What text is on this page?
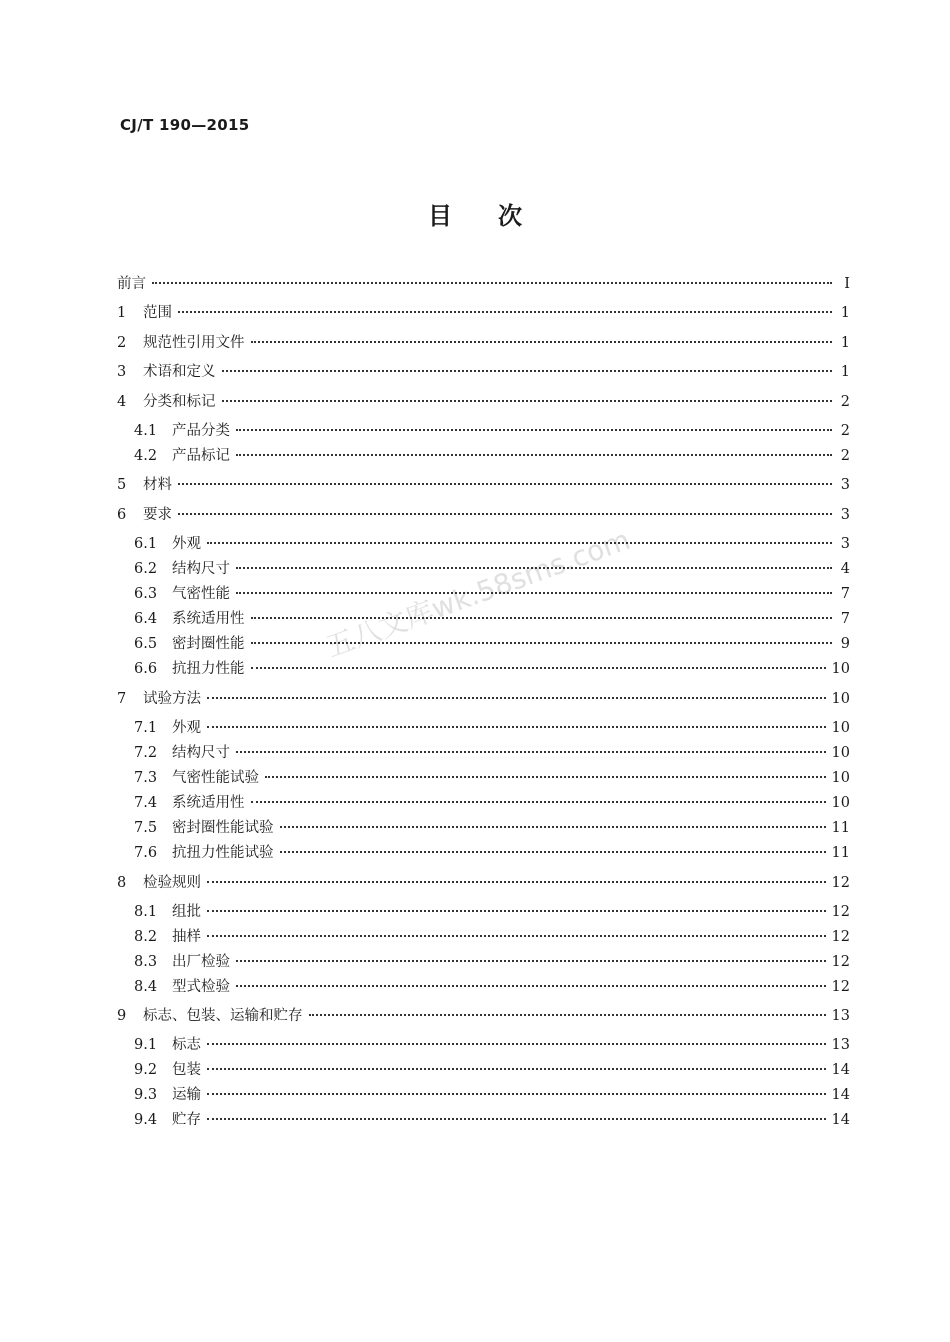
CJ/T 190—2015
目次
五八文库wk.58sms.com
前言	Ⅰ
1	范围	1
2	规范性引用文件	1
3	术语和定义	1
4	分类和标记	2
4.1	产品分类	2
4.2	产品标记	2
5	材料	3
6	要求	3
6.1	外观	3
6.2	结构尺寸	4
6.3	气密性能	7
6.4	系统适用性	7
6.5	密封圈性能	9
6.6	抗扭力性能	10
7	试验方法	10
7.1	外观	10
7.2	结构尺寸	10
7.3	气密性能试验	10
7.4	系统适用性	10
7.5	密封圈性能试验	11
7.6	抗扭力性能试验	11
8	检验规则	12
8.1	组批	12
8.2	抽样	12
8.3	出厂检验	12
8.4	型式检验	12
9	标志、包装、运输和贮存	13
9.1	标志	13
9.2	包装	14
9.3	运输	14
9.4	贮存	14
